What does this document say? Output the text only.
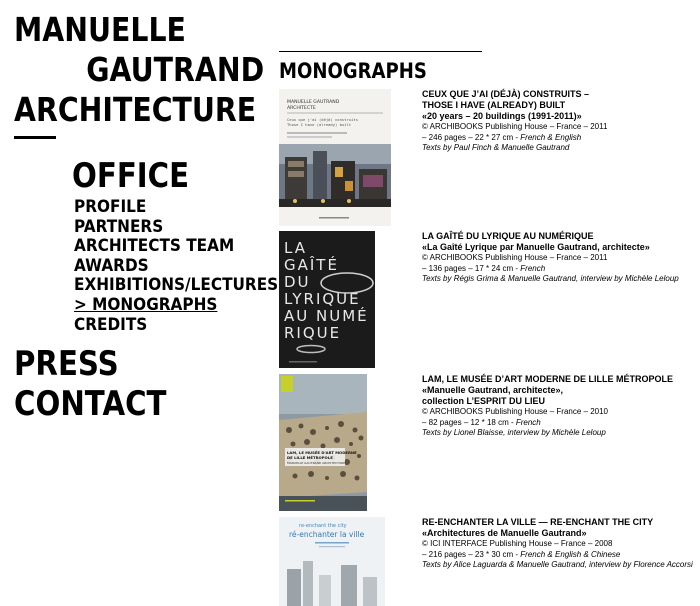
MANUELLE
GAUTRAND
ARCHITECTURE
OFFICE
PROFILE
PARTNERS
ARCHITECTS TEAM
AWARDS
EXHIBITIONS/LECTURES
> MONOGRAPHS
CREDITS
PRESS
CONTACT
MONOGRAPHS
MANUELLE GAUTRAND
ARCHITECTE
Ceux que j'ai (déjà) construits
Those I have (already) built
CEUX QUE J’AI (DÉJÀ) CONSTRUITS –
THOSE I HAVE (ALREADY) BUILT
«20 years – 20 buildings (1991-2011)»
© ARCHIBOOKS Publishing House – France – 2011
– 246 pages – 22 * 27 cm - French & English
Texts by Paul Finch & Manuelle Gautrand
LA
GAÎTÉ
DU
LYRIQUE
AU NUMÉ
RIQUE
LA GAÎTÉ DU LYRIQUE AU NUMÉRIQUE
«La Gaîté Lyrique par Manuelle Gautrand, architecte»
© ARCHIBOOKS Publishing House – France – 2011
– 136 pages – 17 * 24 cm - French
Texts by Régis Grima & Manuelle Gautrand, interview by Michèle Leloup
LAM, LE MUSÉE D'ART MODERNE
DE LILLE MÉTROPOLE
MANUELLE GAUTRAND ARCHITECTURE
LAM, LE MUSÉE D’ART MODERNE DE LILLE MÉTROPOLE
«Manuelle Gautrand, architecte»,
collection L’ESPRIT DU LIEU
© ARCHIBOOKS Publishing House – France – 2010
– 82 pages – 12 * 18 cm - French
Texts by Lionel Blaisse, interview by Michèle Leloup
re-enchant the city
ré-enchanter la ville
RE-ENCHANTER LA VILLE — RE-ENCHANT THE CITY
«Architectures de Manuelle Gautrand»
© ICI INTERFACE Publishing House – France – 2008
– 216 pages – 23 * 30 cm - French & English & Chinese
Texts by Alice Laguarda & Manuelle Gautrand, interview by Florence Accorsi
